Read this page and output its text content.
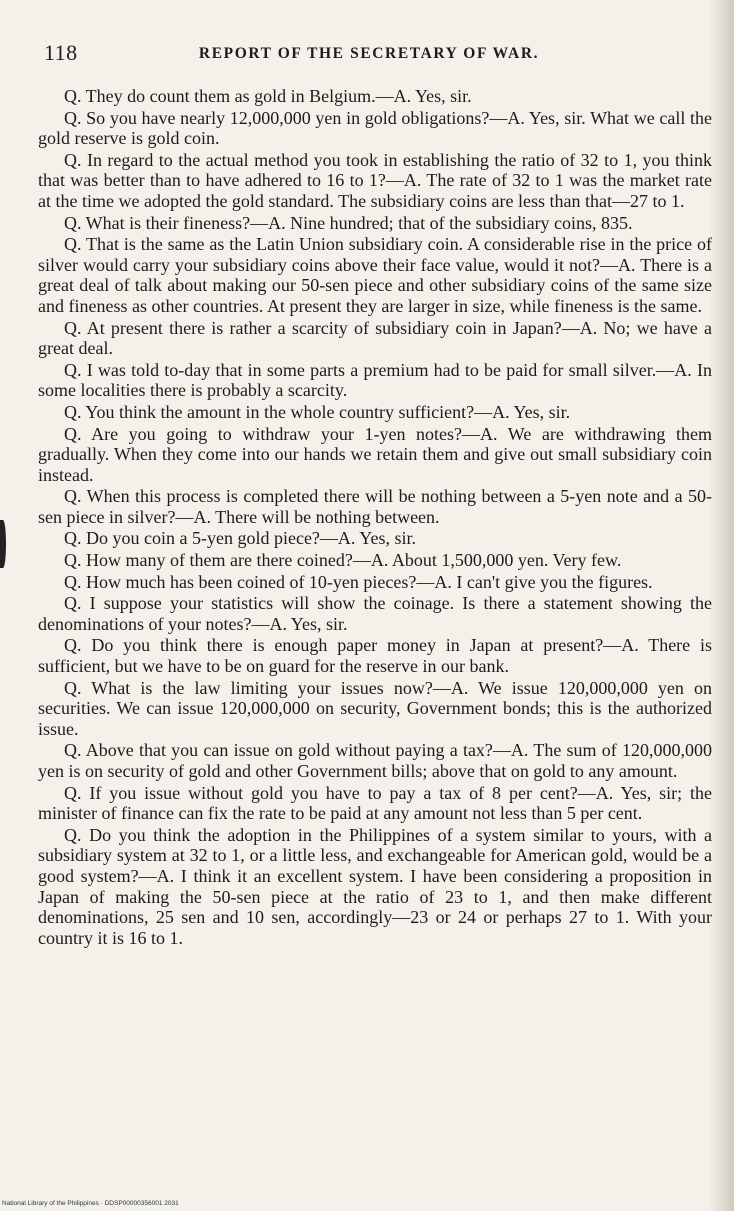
118	REPORT OF THE SECRETARY OF WAR.

Q. They do count them as gold in Belgium.—A. Yes, sir.

Q. So you have nearly 12,000,000 yen in gold obligations?—A. Yes, sir. What we call the gold reserve is gold coin.

Q. In regard to the actual method you took in establishing the ratio of 32 to 1, you think that was better than to have adhered to 16 to 1?—A. The rate of 32 to 1 was the market rate at the time we adopted the gold standard. The subsidiary coins are less than that—27 to 1.

Q. What is their fineness?—A. Nine hundred; that of the subsidiary coins, 835.

Q. That is the same as the Latin Union subsidiary coin. A considerable rise in the price of silver would carry your subsidiary coins above their face value, would it not?—A. There is a great deal of talk about making our 50-sen piece and other subsidiary coins of the same size and fineness as other countries. At present they are larger in size, while fineness is the same.

Q. At present there is rather a scarcity of subsidiary coin in Japan?—A. No; we have a great deal.

Q. I was told to-day that in some parts a premium had to be paid for small silver.—A. In some localities there is probably a scarcity.

Q. You think the amount in the whole country sufficient?—A. Yes, sir.

Q. Are you going to withdraw your 1-yen notes?—A. We are withdrawing them gradually. When they come into our hands we retain them and give out small subsidiary coin instead.

Q. When this process is completed there will be nothing between a 5-yen note and a 50-sen piece in silver?—A. There will be nothing between.

Q. Do you coin a 5-yen gold piece?—A. Yes, sir.

Q. How many of them are there coined?—A. About 1,500,000 yen. Very few.

Q. How much has been coined of 10-yen pieces?—A. I can't give you the figures.

Q. I suppose your statistics will show the coinage. Is there a statement showing the denominations of your notes?—A. Yes, sir.

Q. Do you think there is enough paper money in Japan at present?—A. There is sufficient, but we have to be on guard for the reserve in our bank.

Q. What is the law limiting your issues now?—A. We issue 120,000,000 yen on securities. We can issue 120,000,000 on security, Government bonds; this is the authorized issue.

Q. Above that you can issue on gold without paying a tax?—A. The sum of 120,000,000 yen is on security of gold and other Government bills; above that on gold to any amount.

Q. If you issue without gold you have to pay a tax of 8 per cent?—A. Yes, sir; the minister of finance can fix the rate to be paid at any amount not less than 5 per cent.

Q. Do you think the adoption in the Philippines of a system similar to yours, with a subsidiary system at 32 to 1, or a little less, and exchangeable for American gold, would be a good system?—A. I think it an excellent system. I have been considering a proposition in Japan of making the 50-sen piece at the ratio of 23 to 1, and then make different denominations, 25 sen and 10 sen, accordingly—23 or 24 or perhaps 27 to 1. With your country it is 16 to 1.

National Library of the Philippines · DDSP00000356001 2031
